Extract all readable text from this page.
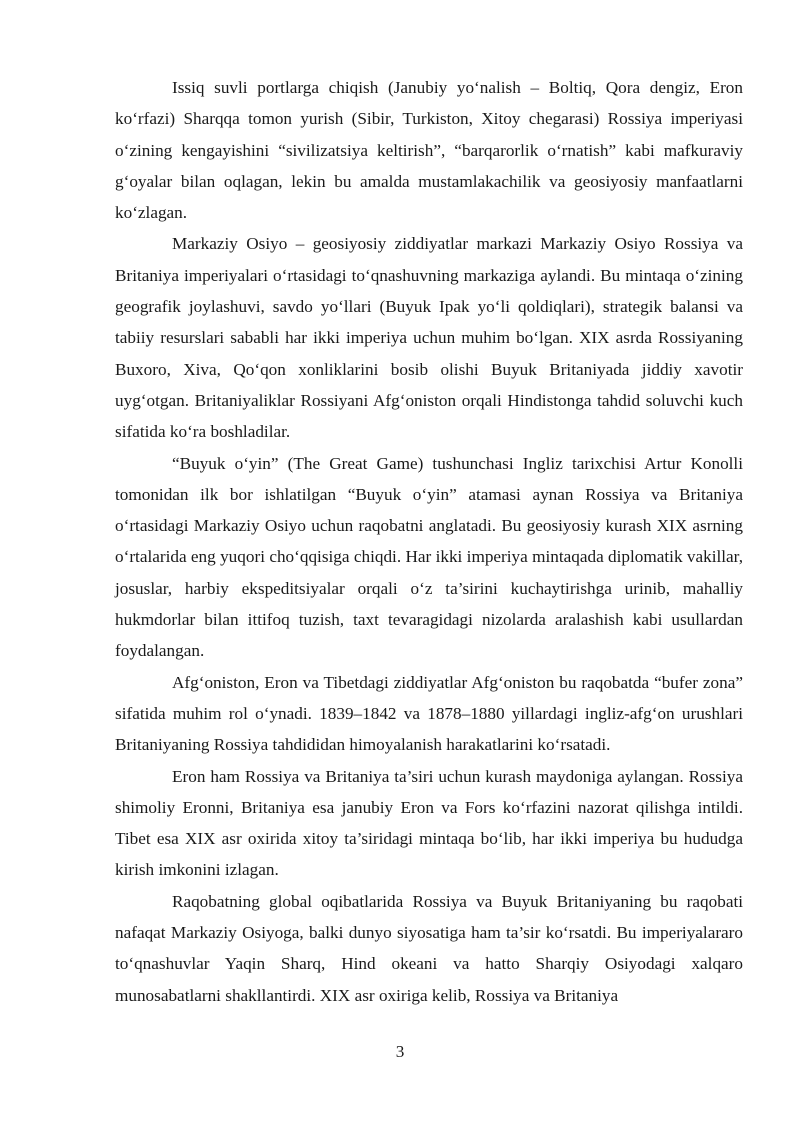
Issiq suvli portlarga chiqish (Janubiy yo‘nalish – Boltiq, Qora dengiz, Eron ko‘rfazi) Sharqqa tomon yurish (Sibir, Turkiston, Xitoy chegarasi) Rossiya imperiyasi o‘zining kengayishini “sivilizatsiya keltirish”, “barqarorlik o‘rnatish” kabi mafkuraviy g‘oyalar bilan oqlagan, lekin bu amalda mustamlakachilik va geosiyosiy manfaatlarni ko‘zlagan.

Markaziy Osiyo – geosiyosiy ziddiyatlar markazi Markaziy Osiyo Rossiya va Britaniya imperiyalari o‘rtasidagi to‘qnashuvning markaziga aylandi. Bu mintaqa o‘zining geografik joylashuvi, savdo yo‘llari (Buyuk Ipak yo‘li qoldiqlari), strategik balansi va tabiiy resurslari sababli har ikki imperiya uchun muhim bo‘lgan. XIX asrda Rossiyaning Buxoro, Xiva, Qo‘qon xonliklarini bosib olishi Buyuk Britaniyada jiddiy xavotir uyg‘otgan. Britaniyaliklar Rossiyani Afg‘oniston orqali Hindistonga tahdid soluvchi kuch sifatida ko‘ra boshladilar.

“Buyuk o‘yin” (The Great Game) tushunchasi Ingliz tarixchisi Artur Konolli tomonidan ilk bor ishlatilgan “Buyuk o‘yin” atamasi aynan Rossiya va Britaniya o‘rtasidagi Markaziy Osiyo uchun raqobatni anglatadi. Bu geosiyosiy kurash XIX asrning o‘rtalarida eng yuqori cho‘qqisiga chiqdi. Har ikki imperiya mintaqada diplomatik vakillar, josuslar, harbiy ekspeditsiyalar orqali o‘z ta’sirini kuchaytirishga urinib, mahalliy hukmdorlar bilan ittifoq tuzish, taxt tevaragidagi nizolarda aralashish kabi usullardan foydalangan.

Afg‘oniston, Eron va Tibetdagi ziddiyatlar Afg‘oniston bu raqobatda “bufer zona” sifatida muhim rol o‘ynadi. 1839–1842 va 1878–1880 yillardagi ingliz-afg‘on urushlari Britaniyaning Rossiya tahdididan himoyalanish harakatlarini ko‘rsatadi.

Eron ham Rossiya va Britaniya ta’siri uchun kurash maydoniga aylangan. Rossiya shimoliy Eronni, Britaniya esa janubiy Eron va Fors ko‘rfazini nazorat qilishga intildi. Tibet esa XIX asr oxirida xitoy ta’siridagi mintaqa bo‘lib, har ikki imperiya bu hududga kirish imkonini izlagan.

Raqobatning global oqibatlarida Rossiya va Buyuk Britaniyaning bu raqobati nafaqat Markaziy Osiyoga, balki dunyo siyosatiga ham ta’sir ko‘rsatdi. Bu imperiyalararo to‘qnashuvlar Yaqin Sharq, Hind okeani va hatto Sharqiy Osiyodagi xalqaro munosabatlarni shakllantirdi. XIX asr oxiriga kelib, Rossiya va Britaniya

3
